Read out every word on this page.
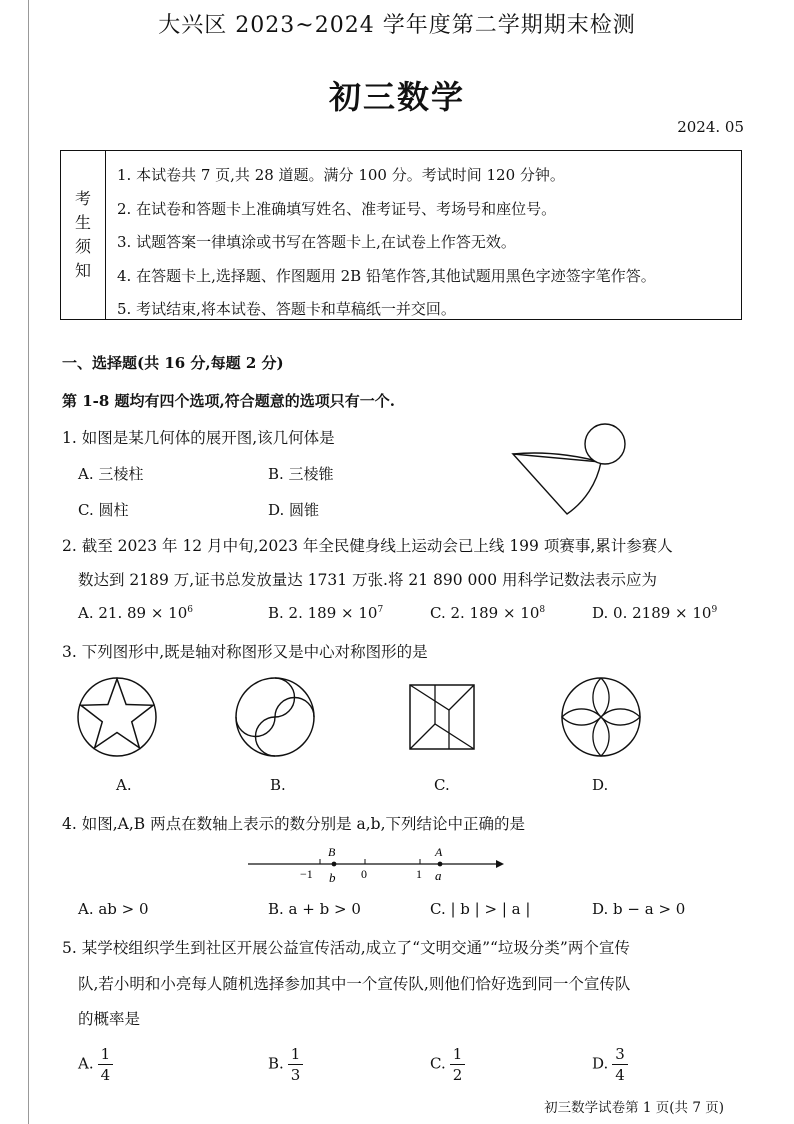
大兴区 2023~2024 学年度第二学期期末检测
初三数学
2024. 05
考
生
须
知
1. 本试卷共 7 页,共 28 道题。满分 100 分。考试时间 120 分钟。
2. 在试卷和答题卡上准确填写姓名、准考证号、考场号和座位号。
3. 试题答案一律填涂或书写在答题卡上,在试卷上作答无效。
4. 在答题卡上,选择题、作图题用 2B 铅笔作答,其他试题用黑色字迹签字笔作答。
5. 考试结束,将本试卷、答题卡和草稿纸一并交回。
一、选择题(共 16 分,每题 2 分)
第 1-8 题均有四个选项,符合题意的选项只有一个.
1. 如图是某几何体的展开图,该几何体是
A. 三棱柱	B. 三棱锥
C. 圆柱	D. 圆锥
2. 截至 2023 年 12 月中旬,2023 年全民健身线上运动会已上线 199 项赛事,累计参赛人
数达到 2189 万,证书总发放量达 1731 万张.将 21 890 000 用科学记数法表示应为
A. 21. $89 \times 10^6$	B. 2. $189 \times 10^7$	C. 2. $189 \times 10^8$	D. 0. $2189 \times 10^9$
3. 下列图形中,既是轴对称图形又是中心对称图形的是
A.	B.	C.	D.
4. 如图,A,B 两点在数轴上表示的数分别是 a,b,下列结论中正确的是
B	A
−1 b 0	1 a
A. ab > 0	B. a + b > 0	C. | b | > | a |	D. b − a > 0
5. 某学校组织学生到社区开展公益宣传活动,成立了“文明交通”“垃圾分类”两个宣传
队,若小明和小亮每人随机选择参加其中一个宣传队,则他们恰好选到同一个宣传队
的概率是
A. $\frac{1}{4}$	B. $\frac{1}{3}$	C. $\frac{1}{2}$	D. $\frac{3}{4}$
初三数学试卷第 1 页(共 7 页)
